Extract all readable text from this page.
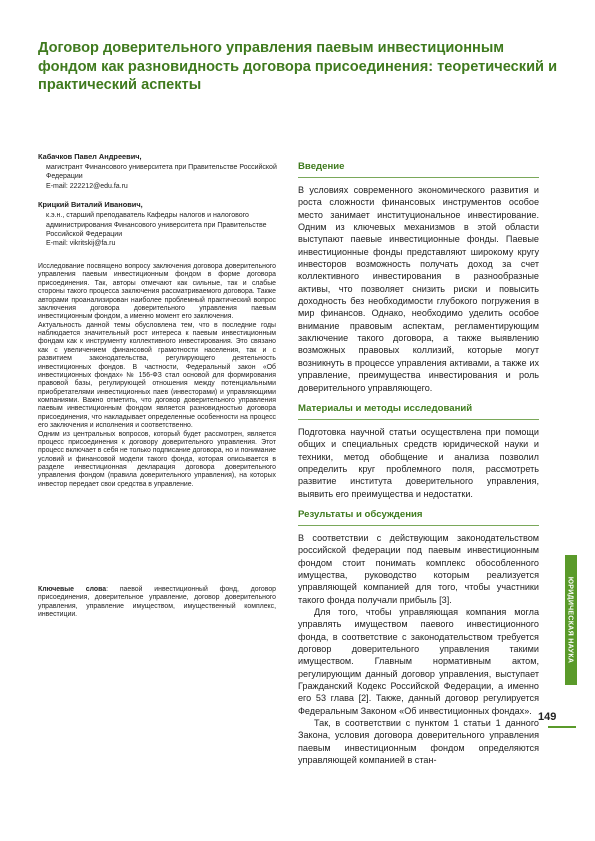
Договор доверительного управления паевым инвестиционным фондом как разновидность договора присоединения: теоретический и практический аспекты

Кабачков Павел Андреевич,

магистрант Финансового университета при Правительстве Российской Федерации

E-mail: 222212@edu.fa.ru

Крицкий Виталий Иванович,

к.э.н., старший преподаватель Кафедры налогов и налогового администрирования Финансового университета при Правительстве Российской Федерации

E-mail: vikritskij@fa.ru

Исследование посвящено вопросу заключения договора доверительного управления паевым инвестиционным фондом в форме договора присоединения. Так, авторы отмечают как сильные, так и слабые стороны такого процесса заключения рассматриваемого договора. Также авторами проанализирован наиболее проблемный практический вопрос заключения договора доверительного управления паевым инвестиционным фондом, а именно момент его заключения.

Актуальность данной темы обусловлена тем, что в последние годы наблюдается значительный рост интереса к паевым инвестиционным фондам как к инструменту коллективного инвестирования. Это связано как с увеличением финансовой грамотности населения, так и с развитием законодательства, регулирующего деятельность инвестиционных фондов. В частности, Федеральный закон «Об инвестиционных фондах» № 156-ФЗ стал основой для формирования правовой базы, регулирующей отношения между потенциальными приобретателями инвестиционных паев (инвесторами) и управляющими компаниями. Важно отметить, что договор доверительного управления паевым инвестиционным фондом является разновидностью договора присоединения, что накладывает определенные особенности на процесс его заключения и исполнения и соответственно.

Одним из центральных вопросов, который будет рассмотрен, является процесс присоединения к договору доверительного управления. Этот процесс включает в себя не только подписание договора, но и понимание условий и финансовой модели такого фонда, которая описывается в разделе инвестиционная декларация договора доверительного управления фондом (правила доверительного управления), на которых инвестор передает свои средства в управление.

Ключевые слова: паевой инвестиционный фонд, договор присоединения, доверительное управление, договор доверительного управления, управление имуществом, имущественный комплекс, инвестиции.

Введение

В условиях современного экономического развития и роста сложности финансовых инструментов особое место занимает институциональное инвестирование. Одним из ключевых механизмов в этой области выступают паевые инвестиционные фонды. Паевые инвестиционные фонды представляют широкому кругу инвесторов возможность получать доход за счет коллективного инвестирования в разнообразные активы, что позволяет снизить риски и повысить доходность без необходимости глубокого погружения в мир финансов. Однако, необходимо уделить особое внимание правовым аспектам, регламентирующим заключение такого договора, а также выявлению возможных правовых коллизий, которые могут возникнуть в процессе управления активами, а также их управление, преимущества инвестирования и роль доверительного управляющего.

Материалы и методы исследований

Подготовка научной статьи осуществлена при помощи общих и специальных средств юридической науки и техники, метод обобщение и анализа позволил определить круг проблемного поля, рассмотреть развитие института доверительного управления, выявить его преимущества и недостатки.

Результаты и обсуждения

В соответствии с действующим законодательством российской федерации под паевым инвестиционным фондом стоит понимать комплекс обособленного имущества, руководство которым реализуется управляющей компанией для того, чтобы участники такого фонда получали прибыль [3].

Для того, чтобы управляющая компания могла управлять имуществом паевого инвестиционного фонда, в соответствие с законодательством требуется договор доверительного управления такими имуществом. Главным нормативным актом, регулирующим данный договор управления, выступает Гражданский Кодекс Российской Федерации, а именно его 53 глава [2]. Также, данный договор регулируется Федеральным Законом «Об инвестиционных фондах».

Так, в соответствии с пунктом 1 статьи 1 данного Закона, условия договора доверительного управления паевым инвестиционным фондом определяются управляющей компанией в стан-

ЮРИДИЧЕСКАЯ НАУКА
149
